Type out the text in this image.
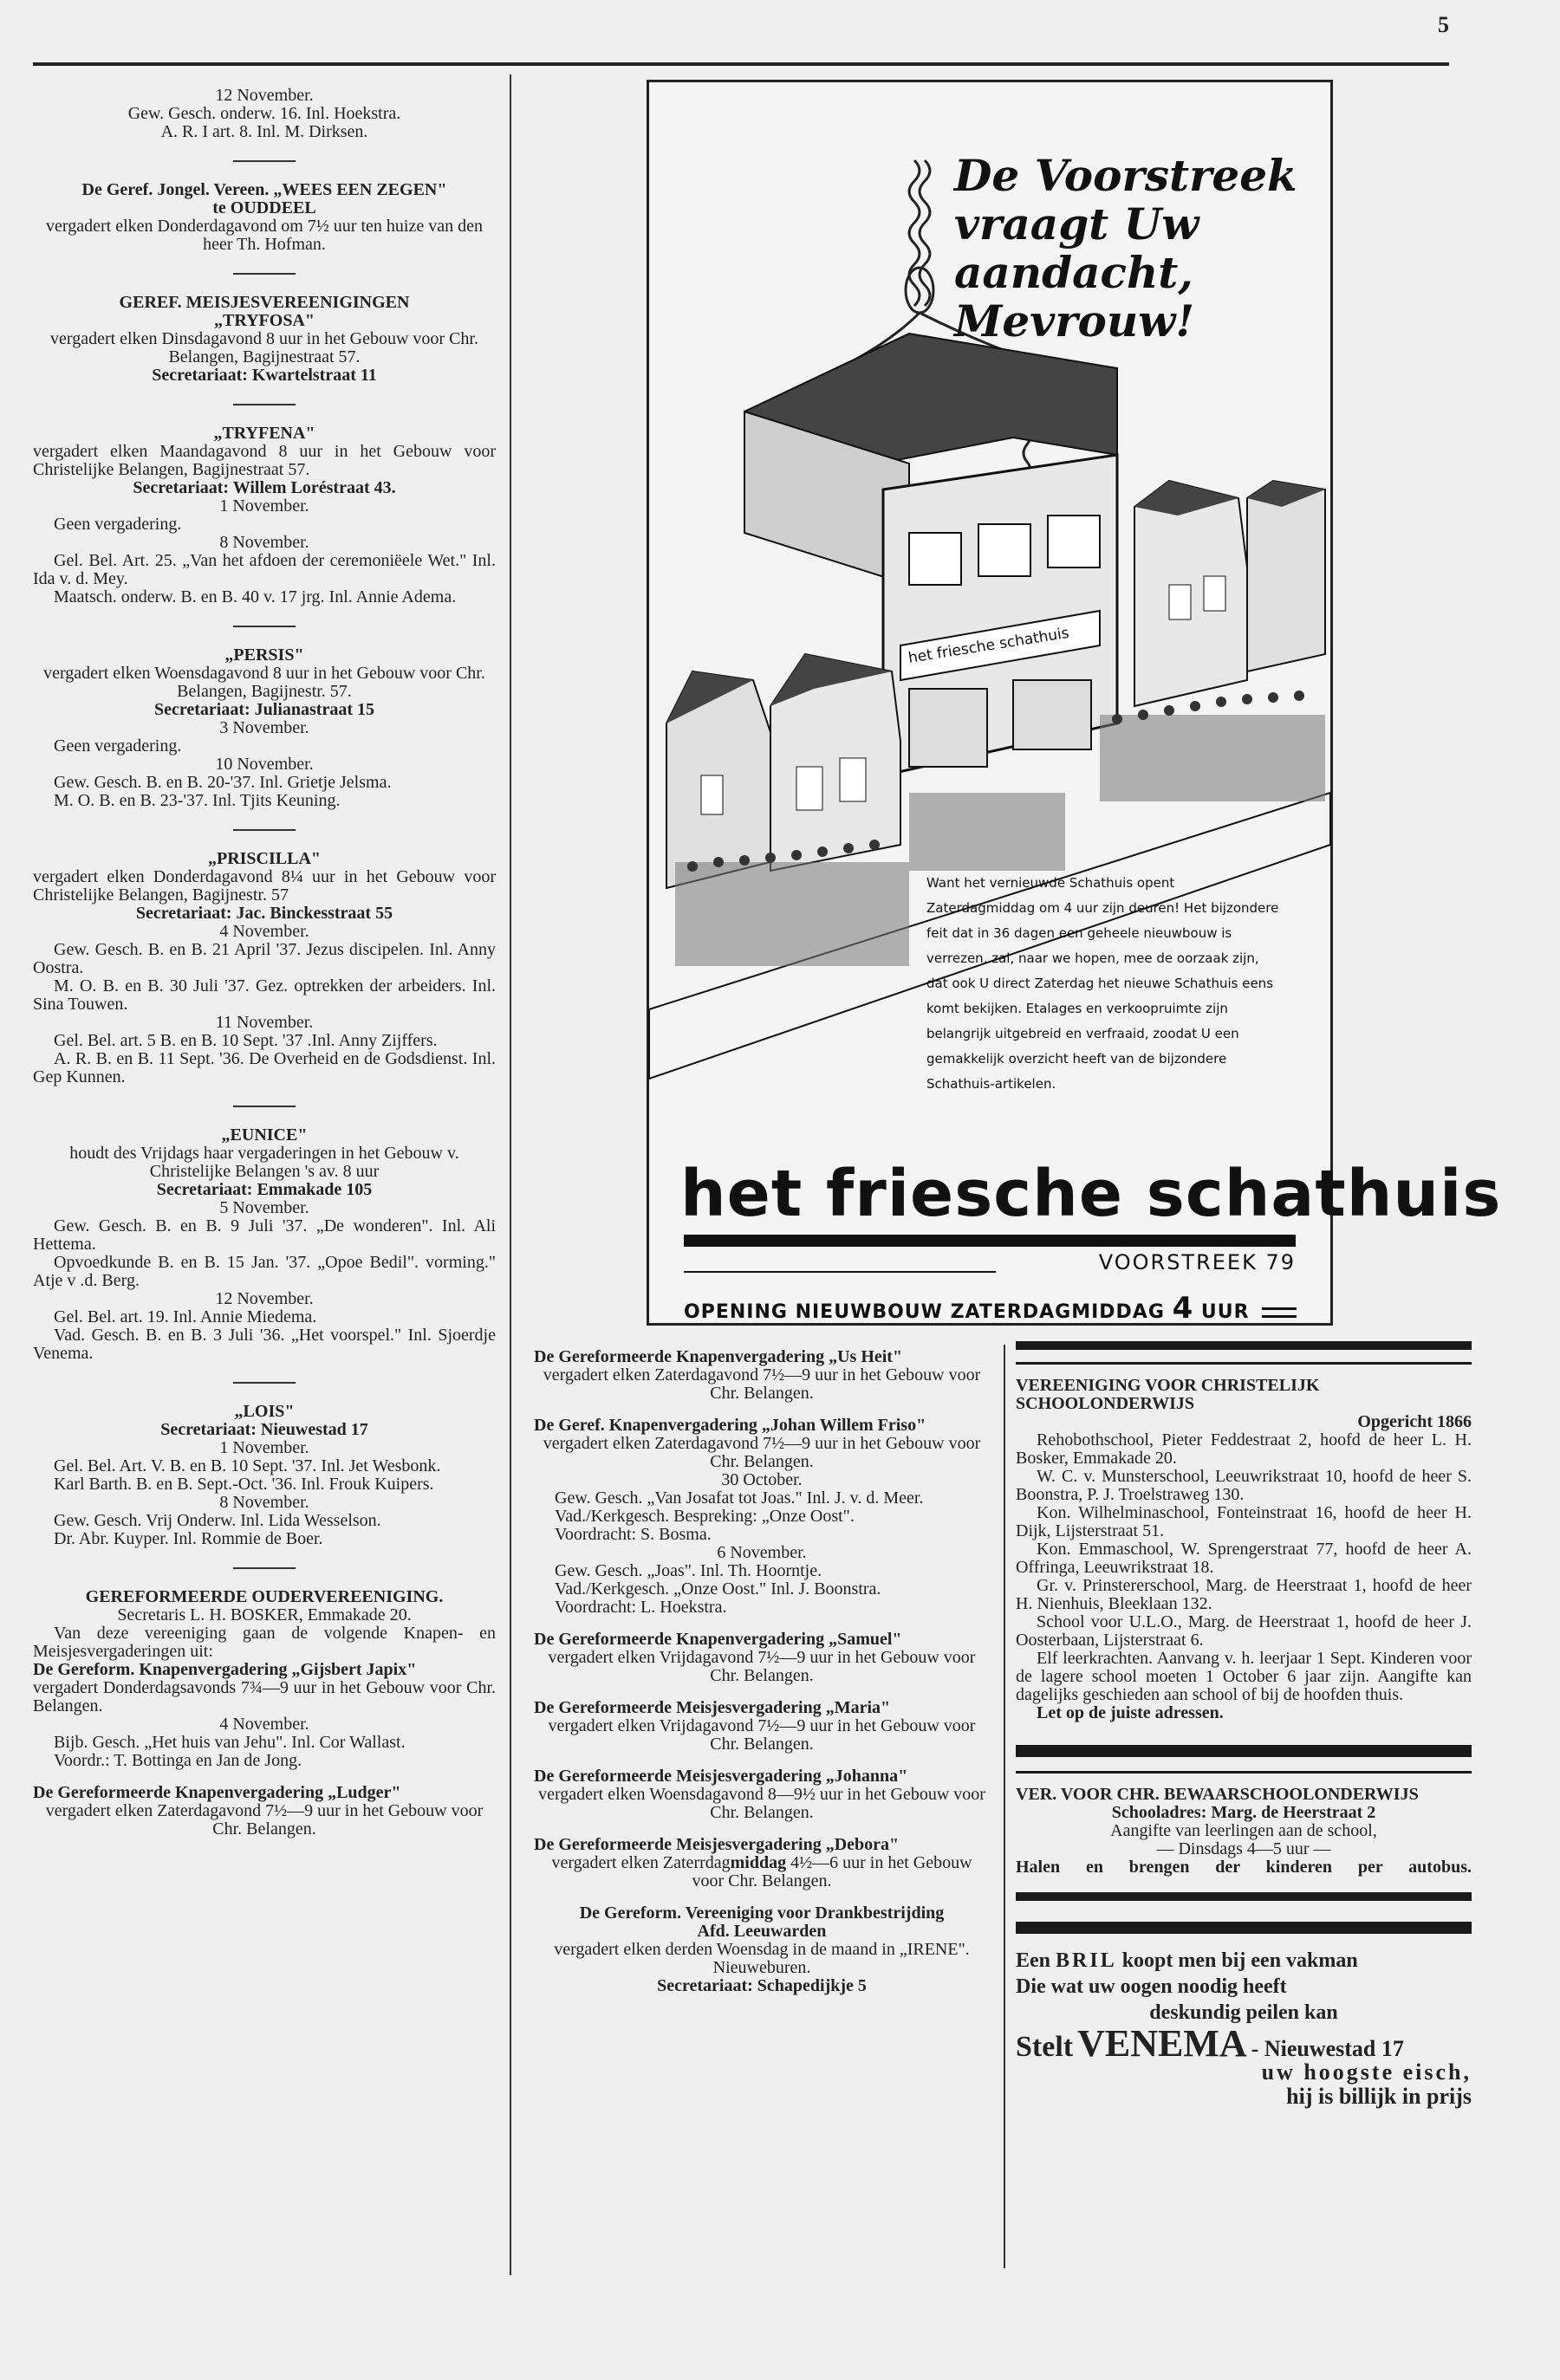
5

12 November.

Gew. Gesch. onderw. 16. Inl. Hoekstra.

A. R. I art. 8. Inl. M. Dirksen.

De Geref. Jongel. Vereen. „WEES EEN ZEGEN"

te OUDDEEL

vergadert elken Donderdagavond om 7½ uur ten huize van den heer Th. Hofman.

GEREF. MEISJESVEREENIGINGEN

„TRYFOSA"

vergadert elken Dinsdagavond 8 uur in het Gebouw voor Chr. Belangen, Bagijnestraat 57.

Secretariaat: Kwartelstraat 11

„TRYFENA"

vergadert elken Maandagavond 8 uur in het Gebouw voor Christelijke Belangen, Bagijnestraat 57.

Secretariaat: Willem Loréstraat 43.

1 November.

Geen vergadering.

8 November.

Gel. Bel. Art. 25. „Van het afdoen der ceremoniëele Wet." Inl. Ida v. d. Mey.

Maatsch. onderw. B. en B. 40 v. 17 jrg. Inl. Annie Adema.

„PERSIS"

vergadert elken Woensdagavond 8 uur in het Gebouw voor Chr. Belangen, Bagijnestr. 57.

Secretariaat: Julianastraat 15

3 November.

Geen vergadering.

10 November.

Gew. Gesch. B. en B. 20-'37. Inl. Grietje Jelsma.

M. O. B. en B. 23-'37. Inl. Tjits Keuning.

„PRISCILLA"

vergadert elken Donderdagavond 8¼ uur in het Gebouw voor Christelijke Belangen, Bagijnestr. 57

Secretariaat: Jac. Binckesstraat 55

4 November.

Gew. Gesch. B. en B. 21 April '37. Jezus discipelen. Inl. Anny Oostra.

M. O. B. en B. 30 Juli '37. Gez. optrekken der arbeiders. Inl. Sina Touwen.

11 November.

Gel. Bel. art. 5 B. en B. 10 Sept. '37 .Inl. Anny Zijffers.

A. R. B. en B. 11 Sept. '36. De Overheid en de Godsdienst. Inl. Gep Kunnen.

„EUNICE"

houdt des Vrijdags haar vergaderingen in het Gebouw v. Christelijke Belangen 's av. 8 uur

Secretariaat: Emmakade 105

5 November.

Gew. Gesch. B. en B. 9 Juli '37. „De wonderen". Inl. Ali Hettema.

Opvoedkunde B. en B. 15 Jan. '37. „Opoe Bedil". vorming." Atje v .d. Berg.

12 November.

Gel. Bel. art. 19. Inl. Annie Miedema.

Vad. Gesch. B. en B. 3 Juli '36. „Het voorspel." Inl. Sjoerdje Venema.

„LOIS"

Secretariaat: Nieuwestad 17

1 November.

Gel. Bel. Art. V. B. en B. 10 Sept. '37. Inl. Jet Wesbonk.

Karl Barth. B. en B. Sept.-Oct. '36. Inl. Frouk Kuipers.

8 November.

Gew. Gesch. Vrij Onderw. Inl. Lida Wesselson.

Dr. Abr. Kuyper. Inl. Rommie de Boer.

GEREFORMEERDE OUDERVEREENIGING.

Secretaris L. H. BOSKER, Emmakade 20.

Van deze vereeniging gaan de volgende Knapen- en Meisjesvergaderingen uit:

De Gereform. Knapenvergadering „Gijsbert Japix"

vergadert Donderdagsavonds 7¾—9 uur in het Gebouw voor Chr. Belangen.

4 November.

Bijb. Gesch. „Het huis van Jehu". Inl. Cor Wallast.

Voordr.: T. Bottinga en Jan de Jong.

De Gereformeerde Knapenvergadering „Ludger"

vergadert elken Zaterdagavond 7½—9 uur in het Gebouw voor Chr. Belangen.

het friesche schathuis
De Voorstreek
vraagt Uw aandacht,
Mevrouw!
Want het vernieuwde Schathuis opent Zaterdagmiddag om 4 uur zijn deuren! Het bijzondere feit dat in 36 dagen een geheele nieuwbouw is verrezen, zal, naar we hopen, mee de oorzaak zijn, dat ook U direct Zaterdag het nieuwe Schathuis eens komt bekijken. Etalages en verkoopruimte zijn belangrijk uitgebreid en verfraaid, zoodat U een gemakkelijk overzicht heeft van de bijzondere Schathuis-artikelen.
het friesche schathuis
VOORSTREEK 79
OPENING NIEUWBOUW ZATERDAGMIDDAG 4 UUR

De Gereformeerde Knapenvergadering „Us Heit"

vergadert elken Zaterdagavond 7½—9 uur in het Gebouw voor Chr. Belangen.

De Geref. Knapenvergadering „Johan Willem Friso"

vergadert elken Zaterdagavond 7½—9 uur in het Gebouw voor Chr. Belangen.

30 October.

Gew. Gesch. „Van Josafat tot Joas." Inl. J. v. d. Meer.

Vad./Kerkgesch. Bespreking: „Onze Oost".

Voordracht: S. Bosma.

6 November.

Gew. Gesch. „Joas". Inl. Th. Hoorntje.

Vad./Kerkgesch. „Onze Oost." Inl. J. Boonstra.

Voordracht: L. Hoekstra.

De Gereformeerde Knapenvergadering „Samuel"

vergadert elken Vrijdagavond 7½—9 uur in het Gebouw voor Chr. Belangen.

De Gereformeerde Meisjesvergadering „Maria"

vergadert elken Vrijdagavond 7½—9 uur in het Gebouw voor Chr. Belangen.

De Gereformeerde Meisjesvergadering „Johanna"

vergadert elken Woensdagavond 8—9½ uur in het Gebouw voor Chr. Belangen.

De Gereformeerde Meisjesvergadering „Debora"

vergadert elken Zaterrdagmiddag 4½—6 uur in het Gebouw voor Chr. Belangen.

De Gereform. Vereeniging voor Drankbestrijding

Afd. Leeuwarden

vergadert elken derden Woensdag in de maand in „IRENE". Nieuweburen.

Secretariaat: Schapedijkje 5

VEREENIGING VOOR CHRISTELIJK SCHOOLONDERWIJS

Opgericht 1866

Rehobothschool, Pieter Feddestraat 2, hoofd de heer L. H. Bosker, Emmakade 20.

W. C. v. Munsterschool, Leeuwrikstraat 10, hoofd de heer S. Boonstra, P. J. Troelstraweg 130.

Kon. Wilhelminaschool, Fonteinstraat 16, hoofd de heer H. Dijk, Lijsterstraat 51.

Kon. Emmaschool, W. Sprengerstraat 77, hoofd de heer A. Offringa, Leeuwrikstraat 18.

Gr. v. Prinstererschool, Marg. de Heerstraat 1, hoofd de heer H. Nienhuis, Bleeklaan 132.

School voor U.L.O., Marg. de Heerstraat 1, hoofd de heer J. Oosterbaan, Lijsterstraat 6.

Elf leerkrachten. Aanvang v. h. leerjaar 1 Sept. Kinderen voor de lagere school moeten 1 October 6 jaar zijn. Aangifte kan dagelijks geschieden aan school of bij de hoofden thuis.

Let op de juiste adressen.

VER. VOOR CHR. BEWAARSCHOOLONDERWIJS

Schooladres: Marg. de Heerstraat 2

Aangifte van leerlingen aan de school,

— Dinsdags 4—5 uur —

Halen en brengen der kinderen per autobus.

Een BRIL koopt men bij een vakman

Die wat uw oogen noodig heeft

deskundig peilen kan

Stelt VENEMA - Nieuwestad 17

uw hoogste eisch,

hij is billijk in prijs
